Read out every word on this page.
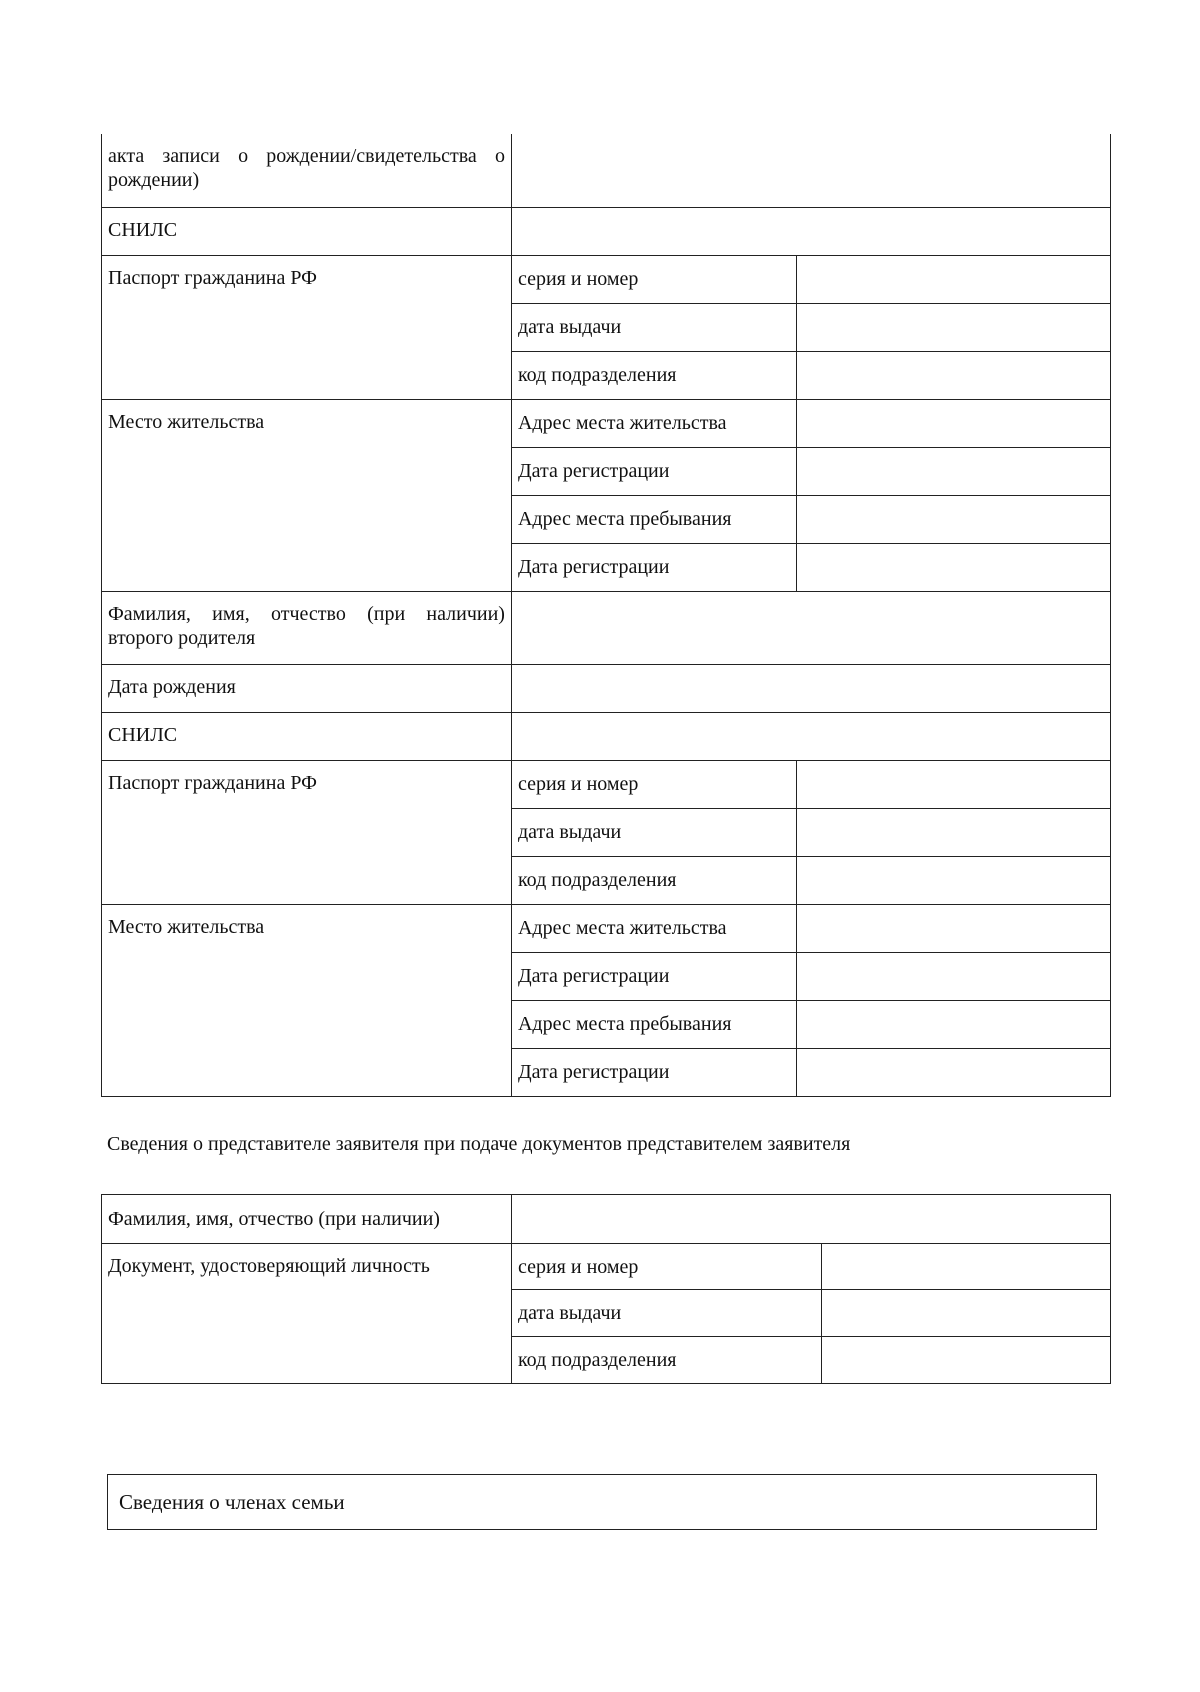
акта записи о рождении/свидетельства о рождении)		
СНИЛС		
Паспорт гражданина РФ	серия и номер	
	дата выдачи	
	код подразделения	
Место жительства	Адрес места жительства	
	Дата регистрации	
	Адрес места пребывания	
	Дата регистрации	
Фамилия, имя, отчество (при наличии) второго родителя		
Дата рождения		
СНИЛС		
Паспорт гражданина РФ	серия и номер	
	дата выдачи	
	код подразделения	
Место жительства	Адрес места жительства	
	Дата регистрации	
	Адрес места пребывания	
	Дата регистрации	
Сведения о представителе заявителя при подаче документов представителем заявителя
Фамилия, имя, отчество (при наличии)		
Документ, удостоверяющий личность	серия и номер	
	дата выдачи	
	код подразделения	
Сведения о членах семьи
